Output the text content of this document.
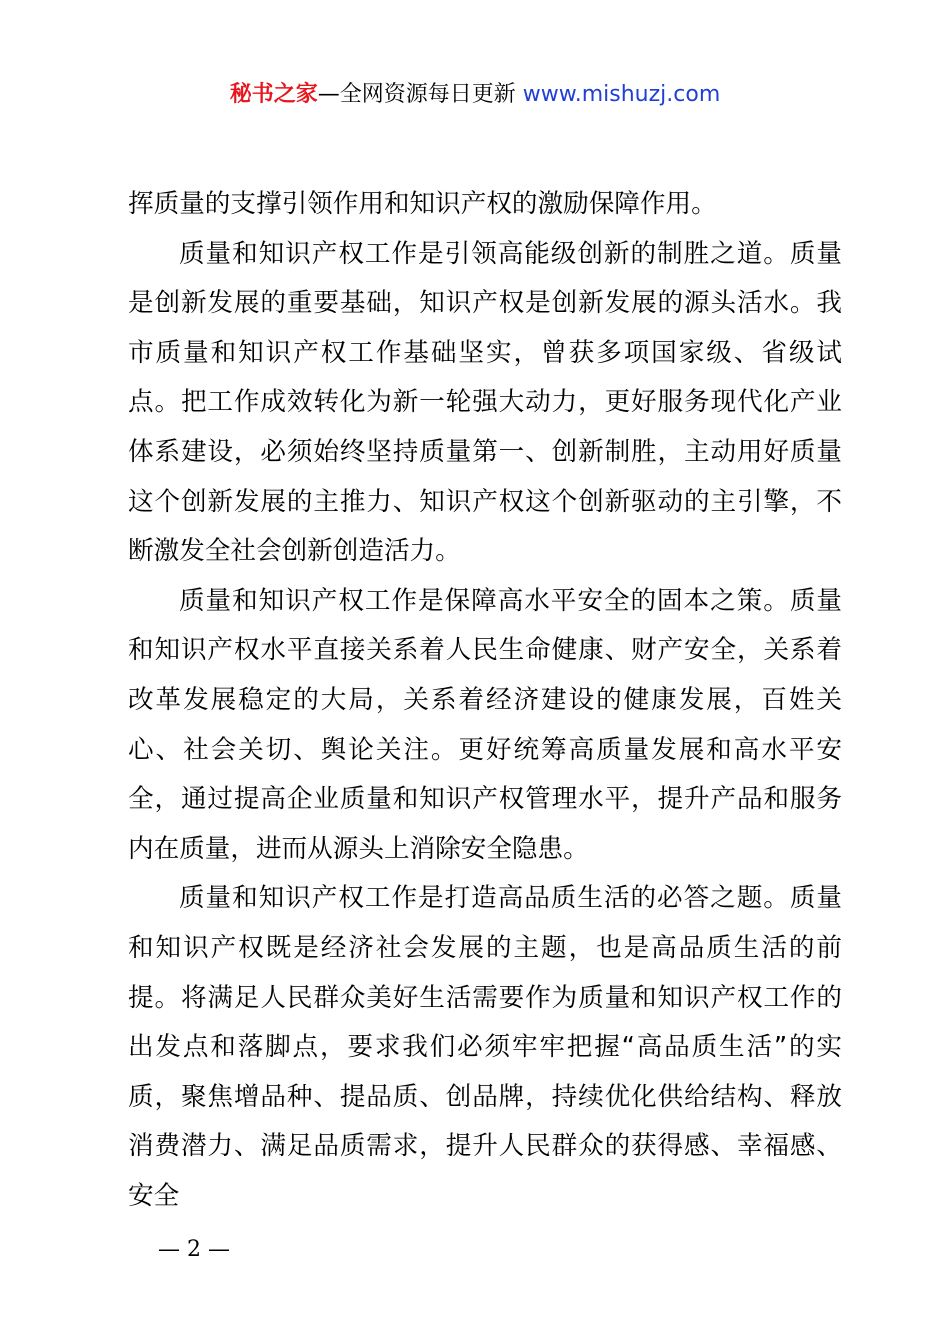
秘书之家—全网资源每日更新 www.mishuzj.com

挥质量的支撑引领作用和知识产权的激励保障作用。

质量和知识产权工作是引领高能级创新的制胜之道。质量是创新发展的重要基础，知识产权是创新发展的源头活水。我市质量和知识产权工作基础坚实，曾获多项国家级、省级试点。把工作成效转化为新一轮强大动力，更好服务现代化产业体系建设，必须始终坚持质量第一、创新制胜，主动用好质量这个创新发展的主推力、知识产权这个创新驱动的主引擎，不断激发全社会创新创造活力。

质量和知识产权工作是保障高水平安全的固本之策。质量和知识产权水平直接关系着人民生命健康、财产安全，关系着改革发展稳定的大局，关系着经济建设的健康发展，百姓关心、社会关切、舆论关注。更好统筹高质量发展和高水平安全，通过提高企业质量和知识产权管理水平，提升产品和服务内在质量，进而从源头上消除安全隐患。

质量和知识产权工作是打造高品质生活的必答之题。质量和知识产权既是经济社会发展的主题，也是高品质生活的前提。将满足人民群众美好生活需要作为质量和知识产权工作的出发点和落脚点，要求我们必须牢牢把握“高品质生活”的实质，聚焦增品种、提品质、创品牌，持续优化供给结构、释放消费潜力、满足品质需求，提升人民群众的获得感、幸福感、安全

— 2 —
